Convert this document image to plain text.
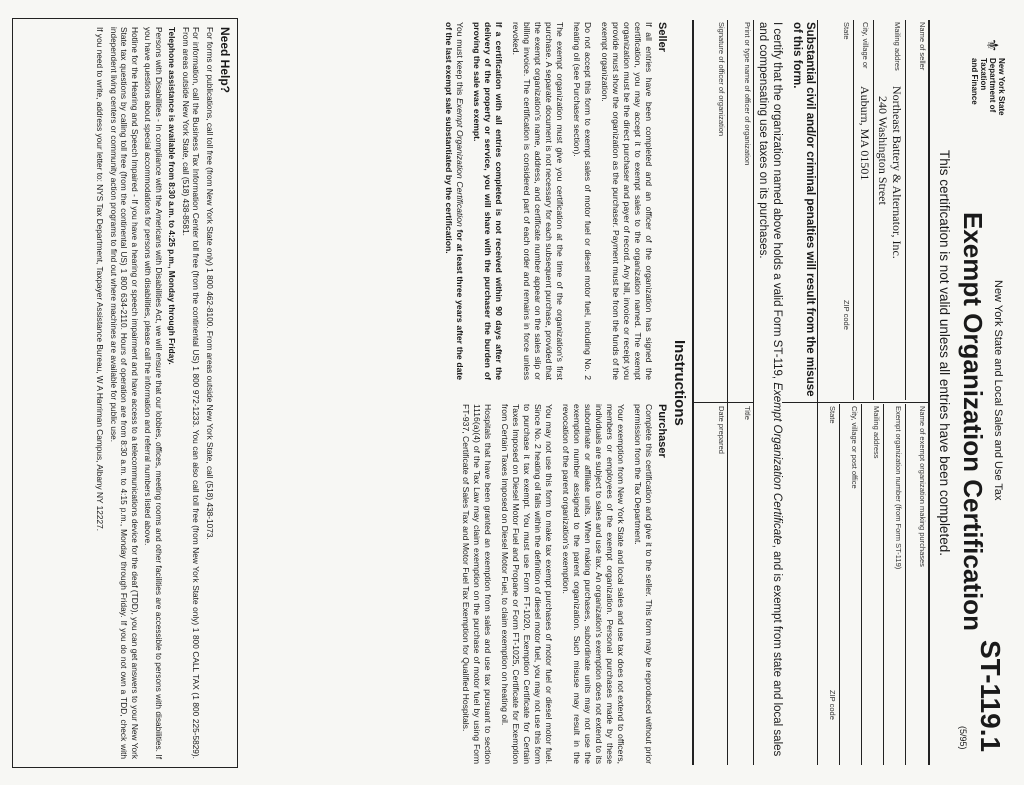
⚜
New York State
Department of
Taxation
and Finance
New York State and Local Sales and Use Tax
Exempt Organization Certification
ST-119.1
(5/95)
This certification is not valid unless all entries have been completed.
Name of seller
Mailing addres
Northeast Battery & Alternator, Inc.
240 Washington Street
City, village or
Auburn, MA 01501
State
ZIP code
Name of exempt organization making purchases
Exempt organization number (from Form ST-119)
Mailing address
City, village or post office
State
ZIP code
Substantial civil and/or criminal penalties will result from the misuse of this form.
I certify that the organization named above holds a valid Form ST-119, Exempt Organization Certificate, and is exempt from state and local sales and compensating use taxes on its purchases.
Print or type name of officer of organization
Title
Signature of officer of organization
Date prepared
Instructions
Seller

If all entries have been completed and an officer of the organization has signed the certification, you may accept it to exempt sales to the organization named. The exempt organization must be the direct purchaser and payer of record. Any bill, invoice or receipt you provide must show the organization as the purchaser. Payment must be from the funds of the exempt organization.

Do not accept this form to exempt sales of motor fuel or diesel motor fuel, including No. 2 heating oil (see Purchaser section).

The exempt organization must give you certification at the time of the organization's first purchase. A separate document is not necessary for each subsequent purchase, provided that the exempt organization's name, address, and certificate number appear on the sales slip or billing invoice. The certification is considered part of each order and remains in force unless revoked.

If a certification with all entries completed is not received within 90 days after the delivery of the property or service, you will share with the purchaser the burden of proving the sale was exempt.

You must keep this Exempt Organization Certification for at least three years after the date of the last exempt sale substantiated by the certification.

Purchaser

Complete this certification and give it to the seller. This form may be reproduced without prior permission from the Tax Department.

Your exemption from New York State and local sales and use tax does not extend to officers, members or employees of the exempt organization. Personal purchases made by these individuals are subject to sales and use tax. An organization's exemption does not extend to its subordinate or affiliate units. When making purchases, subordinate units may not use the exemption number assigned to the parent organization. Such misuse may result in the revocation of the parent organization's exemption.

You may not use this form to make tax exempt purchases of motor fuel or diesel motor fuel. Since No. 2 heating oil falls within the definition of diesel motor fuel, you may not use this form to purchase it tax exempt. You must use Form FT-1020, Exemption Certificate for Certain Taxes Imposed on Diesel Motor Fuel and Propane or Form FT-1025, Certificate for Exemption from Certain Taxes Imposed on Diesel Motor Fuel, to claim exemption on heating oil.

Hospitals that have been granted an exemption from sales and use tax pursuant to section 1116(a)(4) of the Tax Law may claim exemption on the purchase of motor fuel by using Form FT-937, Certificate of Sales Tax and Motor Fuel Tax Exemption for Qualified Hospitals.

Need Help?

For forms or publications, call toll free (from New York State only) 1 800 462-8100. From areas outside New York State, call (518) 438-1073.

For information, call the Business Tax Information Center toll free (from the continental US) 1 800 972-1233. You can also call toll free (from New York State only) 1 800 CALL TAX (1 800 225-5829). From areas outside New York State, call (518) 438-8581.

Telephone assistance is available from 8:30 a.m. to 4:25 p.m., Monday through Friday.

Persons with Disabilities - In compliance with the Americans with Disabilities Act, we will ensure that our lobbies, offices, meeting rooms and other facilities are accessible to persons with disabilities. If you have questions about special accommodations for persons with disabilities, please call the information and referral numbers listed above.

Hotline for the Hearing and Speech Impaired - If you have a hearing or speech impairment and have access to a telecommunications device for the deaf (TDD), you can get answers to your New York State tax questions by calling toll free (from the continental US) 1 800 634-2110. Hours of operation are from 8:30 a.m. to 4:15 p.m., Monday through Friday. If you do not own a TDD, check with independent living centers or community action programs to find out where machines are available for public use.

If you need to write, address your letter to: NYS Tax Department, Taxpayer Assistance Bureau, W A Harriman Campus, Albany NY 12227.
